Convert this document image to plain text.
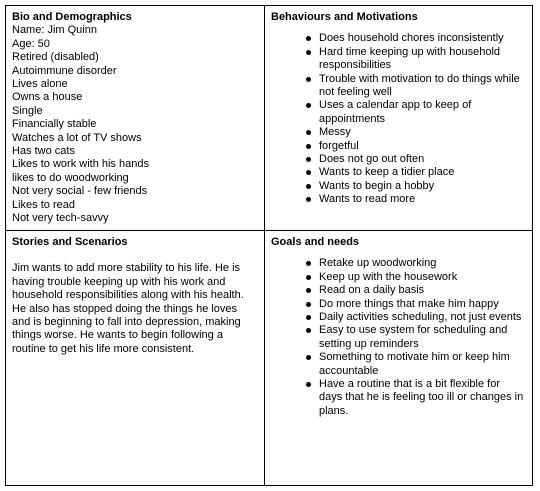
Bio and Demographics

Name: Jim Quinn
Age: 50
Retired (disabled)
Autoimmune disorder
Lives alone
Owns a house
Single
Financially stable
Watches a lot of TV shows
Has two cats
Likes to work with his hands
likes to do woodworking
Not very social - few friends
Likes to read
Not very tech-savvy

Behaviours and Motivations

Does household chores inconsistently
Hard time keeping up with household responsibilities
Trouble with motivation to do things while not feeling well
Uses a calendar app to keep of appointments
Messy
forgetful
Does not go out often
Wants to keep a tidier place
Wants to begin a hobby
Wants to read more

Stories and Scenarios

Jim wants to add more stability to his life. He is having trouble keeping up with his work and household responsibilities along with his health. He also has stopped doing the things he loves and is beginning to fall into depression, making things worse. He wants to begin following a routine to get his life more consistent.

Goals and needs

Retake up woodworking
Keep up with the housework
Read on a daily basis
Do more things that make him happy
Daily activities scheduling, not just events
Easy to use system for scheduling and setting up reminders
Something to motivate him or keep him accountable
Have a routine that is a bit flexible for days that he is feeling too ill or changes in plans.
